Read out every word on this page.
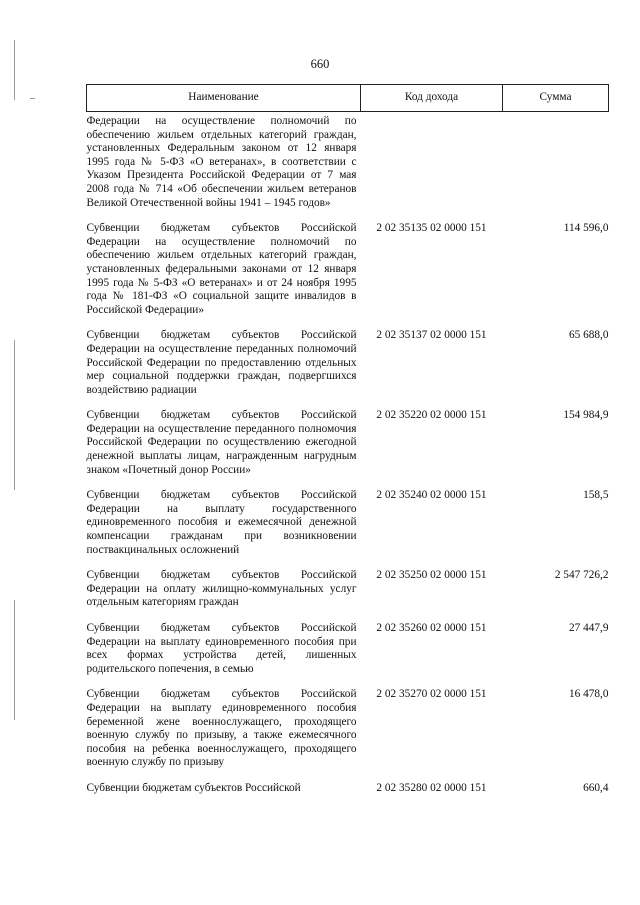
660
Наименование	Код дохода	Сумма
Федерации на осуществление полномочий по обеспечению жильем отдельных категорий граждан, установленных Федеральным законом от 12 января 1995 года № 5-ФЗ «О ветеранах», в соответствии с Указом Президента Российской Федерации от 7 мая 2008 года № 714 «Об обеспечении жильем ветеранов Великой Отечественной войны 1941 – 1945 годов»		
Субвенции бюджетам субъектов Российской Федерации на осуществление полномочий по обеспечению жильем отдельных категорий граждан, установленных федеральными законами от 12 января 1995 года № 5-ФЗ «О ветеранах» и от 24 ноября 1995 года № 181-ФЗ «О социальной защите инвалидов в Российской Федерации»	2 02 35135 02 0000 151	114 596,0
Субвенции бюджетам субъектов Российской Федерации на осуществление переданных полномочий Российской Федерации по предоставлению отдельных мер социальной поддержки граждан, подвергшихся воздействию радиации	2 02 35137 02 0000 151	65 688,0
Субвенции бюджетам субъектов Российской Федерации на осуществление переданного полномочия Российской Федерации по осуществлению ежегодной денежной выплаты лицам, награжденным нагрудным знаком «Почетный донор России»	2 02 35220 02 0000 151	154 984,9
Субвенции бюджетам субъектов Российской Федерации на выплату государственного единовременного пособия и ежемесячной денежной компенсации гражданам при возникновении поствакцинальных осложнений	2 02 35240 02 0000 151	158,5
Субвенции бюджетам субъектов Российской Федерации на оплату жилищно-коммунальных услуг отдельным категориям граждан	2 02 35250 02 0000 151	2 547 726,2
Субвенции бюджетам субъектов Российской Федерации на выплату единовременного пособия при всех формах устройства детей, лишенных родительского попечения, в семью	2 02 35260 02 0000 151	27 447,9
Субвенции бюджетам субъектов Российской Федерации на выплату единовременного пособия беременной жене военнослужащего, проходящего военную службу по призыву, а также ежемесячного пособия на ребенка военнослужащего, проходящего военную службу по призыву	2 02 35270 02 0000 151	16 478,0
Субвенции бюджетам субъектов Российской	2 02 35280 02 0000 151	660,4
